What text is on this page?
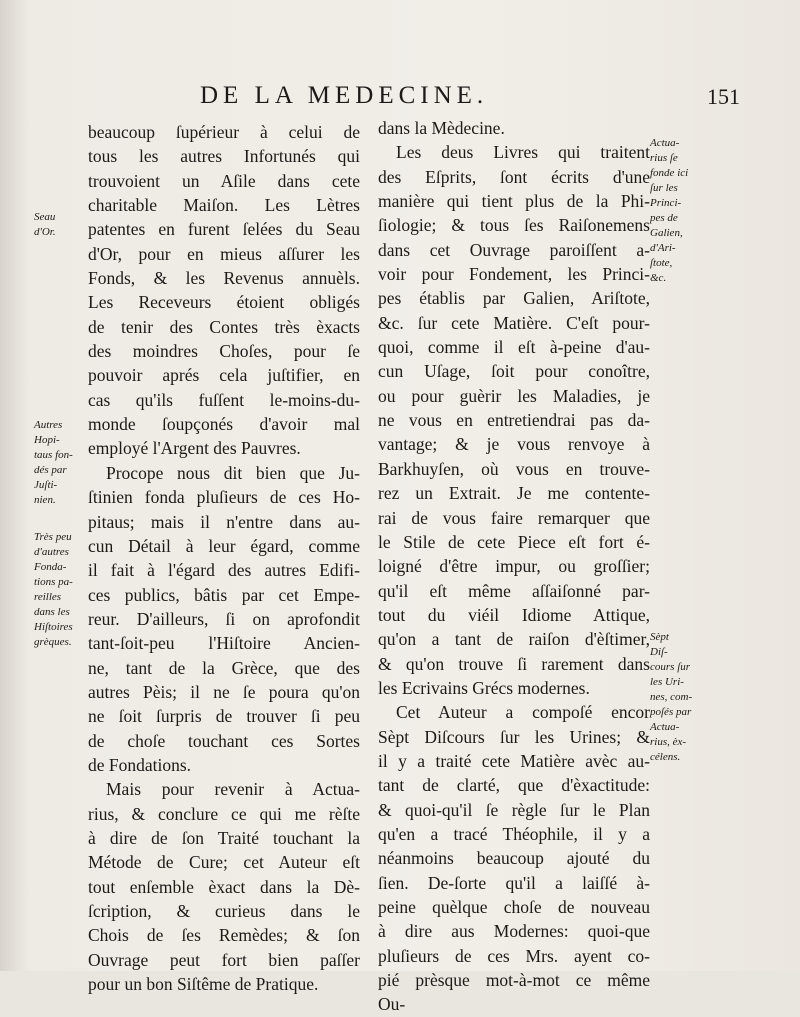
DE LA MEDECINE.	151
beaucoup ſupérieur à celui de
tous les autres Infortunés qui
trouvoient un Aſile dans cete
charitable Maiſon. Les Lètres
patentes en furent ſelées du Seau
d'Or, pour en mieus aſſurer les
Fonds, & les Revenus annuèls.
Les Receveurs étoient obligés
de tenir des Contes très èxacts
des moindres Choſes, pour ſe
pouvoir aprés cela juſtifier, en
cas qu'ils fuſſent le-moins-du-
monde ſoupçonés d'avoir mal
employé l'Argent des Pauvres.
Procope nous dit bien que Ju-
ſtinien fonda pluſieurs de ces Ho-
pitaus; mais il n'entre dans au-
cun Détail à leur égard, comme
il fait à l'égard des autres Edifi-
ces publics, bâtis par cet Empe-
reur. D'ailleurs, ſi on aprofondit
tant-ſoit-peu l'Hiſtoire Ancien-
ne, tant de la Grèce, que des
autres Pèis; il ne ſe poura qu'on
ne ſoit ſurpris de trouver ſi peu
de choſe touchant ces Sortes
de Fondations.
Mais pour revenir à Actua-
rius, & conclure ce qui me rèſte
à dire de ſon Traité touchant la
Métode de Cure; cet Auteur eſt
tout enſemble èxact dans la Dè-
ſcription, & curieus dans le
Chois de ſes Remèdes; & ſon
Ouvrage peut fort bien paſſer
pour un bon Siſtême de Pratique.
dans la Mèdecine.
Les deus Livres qui traitent
des Eſprits, ſont écrits d'une
manière qui tient plus de la Phi-
ſiologie; & tous ſes Raiſonemens
dans cet Ouvrage paroiſſent a-
voir pour Fondement, les Princi-
pes établis par Galien, Ariſtote,
&c. ſur cete Matière. C'eſt pour-
quoi, comme il eſt à-peine d'au-
cun Uſage, ſoit pour conoître,
ou pour guèrir les Maladies, je
ne vous en entretiendrai pas da-
vantage; & je vous renvoye à
Barkhuyſen, où vous en trouve-
rez un Extrait. Je me contente-
rai de vous faire remarquer que
le Stile de cete Piece eſt fort é-
loigné d'être impur, ou groſſier;
qu'il eſt même aſſaiſonné par-
tout du viéil Idiome Attique,
qu'on a tant de raiſon d'èſtimer,
& qu'on trouve ſi rarement dans
les Ecrivains Grécs modernes.
Cet Auteur a compoſé encor
Sèpt Diſcours ſur les Urines; &
il y a traité cete Matière avèc au-
tant de clarté, que d'èxactitude:
& quoi-qu'il ſe règle ſur le Plan
qu'en a tracé Théophile, il y a
néanmoins beaucoup ajouté du
ſien. De-ſorte qu'il a laiſſé à-
peine quèlque choſe de nouveau
à dire aus Modernes: quoi-que
pluſieurs de ces Mrs. ayent co-
pié prèsque mot-à-mot ce même
Ou-
Seau
d'Or.
Autres
Hopi-
taus fon-
dés par
Juſti-
nien.
Très peu
d'autres
Fonda-
tions pa-
reilles
dans les
Hiſtoires
grèques.
Actua-
rius ſe
fonde ici
ſur les
Princi-
pes de
Galien,
d'Ari-
ſtote,
&c.
Sèpt
Diſ-
cours ſur
les Uri-
nes, com-
poſés par
Actua-
rius, èx-
célens.
